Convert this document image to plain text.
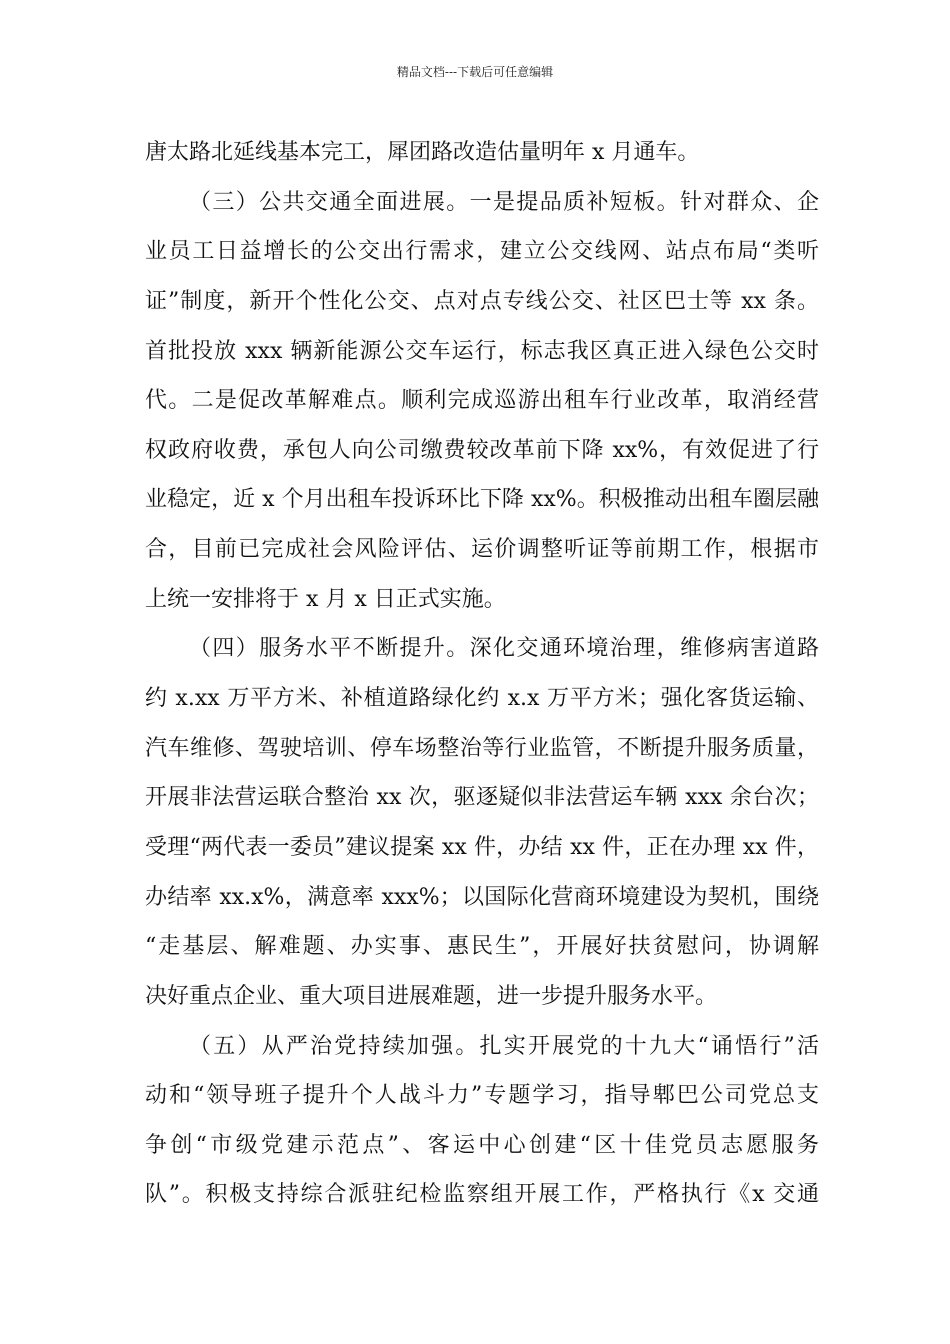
精品文档---下载后可任意编辑
唐太路北延线基本完工，犀团路改造估量明年 x 月通车。
（三）公共交通全面进展。一是提品质补短板。针对群众、企
业员工日益增长的公交出行需求，建立公交线网、站点布局“类听
证”制度，新开个性化公交、点对点专线公交、社区巴士等 xx 条。
首批投放 xxx 辆新能源公交车运行，标志我区真正进入绿色公交时
代。二是促改革解难点。顺利完成巡游出租车行业改革，取消经营
权政府收费，承包人向公司缴费较改革前下降 xx%，有效促进了行
业稳定，近 x 个月出租车投诉环比下降 xx%。积极推动出租车圈层融
合，目前已完成社会风险评估、运价调整听证等前期工作，根据市
上统一安排将于 x 月 x 日正式实施。
（四）服务水平不断提升。深化交通环境治理，维修病害道路
约 x.xx 万平方米、补植道路绿化约 x.x 万平方米；强化客货运输、
汽车维修、驾驶培训、停车场整治等行业监管，不断提升服务质量，
开展非法营运联合整治 xx 次，驱逐疑似非法营运车辆 xxx 余台次；
受理“两代表一委员”建议提案 xx 件，办结 xx 件，正在办理 xx 件，
办结率 xx.x%，满意率 xxx%；以国际化营商环境建设为契机，围绕
“走基层、解难题、办实事、惠民生”，开展好扶贫慰问，协调解
决好重点企业、重大项目进展难题，进一步提升服务水平。
（五）从严治党持续加强。扎实开展党的十九大“诵悟行”活
动和“领导班子提升个人战斗力”专题学习，指导郫巴公司党总支
争创“市级党建示范点”、客运中心创建“区十佳党员志愿服务
队”。积极支持综合派驻纪检监察组开展工作，严格执行《x 交通
